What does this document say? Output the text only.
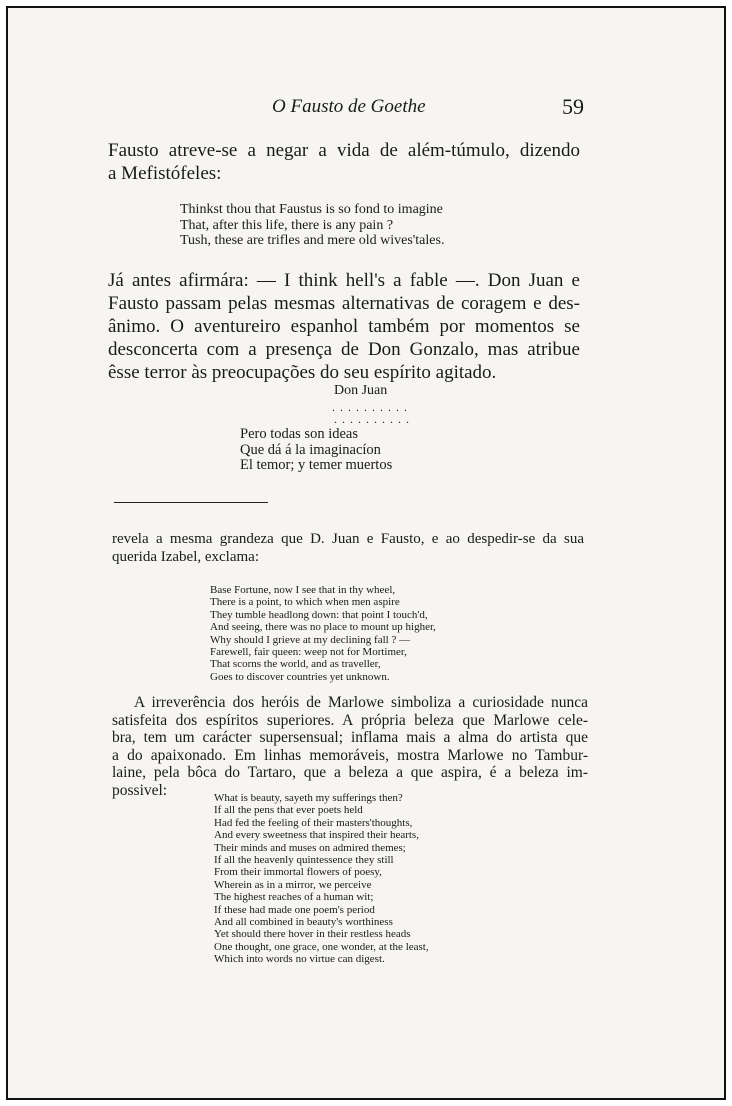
O Fausto de Goethe	59
Fausto atreve-se a negar a vida de além-túmulo, dizendo
a Mefistófeles:
Thinkst thou that Faustus is so fond to imagine
That, after this life, there is any pain ?
Tush, these are trifles and mere old wives'tales.
Já antes afirmára: — I think hell's a fable —. Don Juan e
Fausto passam pelas mesmas alternativas de coragem e des-
ânimo. O aventureiro espanhol também por momentos se
desconcerta com a presença de Don Gonzalo, mas atribue
êsse terror às preocupações do seu espírito agitado.
Don Juan
. . . . . . . . . .
. . . . . . . . . .
Pero todas son ideas
Que dá á la imaginacíon
El temor; y temer muertos
revela a mesma grandeza que D. Juan e Fausto, e ao despedir-se da sua
querida Izabel, exclama:
Base Fortune, now I see that in thy wheel,
There is a point, to which when men aspire
They tumble headlong down: that point I touch'd,
And seeing, there was no place to mount up higher,
Why should I grieve at my declining fall ? —
Farewell, fair queen: weep not for Mortimer,
That scorns the world, and as traveller,
Goes to discover countries yet unknown.
A irreverência dos heróis de Marlowe simboliza a curiosidade nunca
satisfeita dos espíritos superiores. A própria beleza que Marlowe cele-
bra, tem um carácter supersensual; inflama mais a alma do artista que
a do apaixonado. Em linhas memoráveis, mostra Marlowe no Tambur-
laine, pela bôca do Tartaro, que a beleza a que aspira, é a beleza im-
possivel:	What is beauty, sayeth my sufferings then?
If all the pens that ever poets held
Had fed the feeling of their masters'thoughts,
And every sweetness that inspired their hearts,
Their minds and muses on admired themes;
If all the heavenly quintessence they still
From their immortal flowers of poesy,
Wherein as in a mirror, we perceive
The highest reaches of a human wit;
If these had made one poem's period
And all combined in beauty's worthiness
Yet should there hover in their restless heads
One thought, one grace, one wonder, at the least,
Which into words no virtue can digest.
